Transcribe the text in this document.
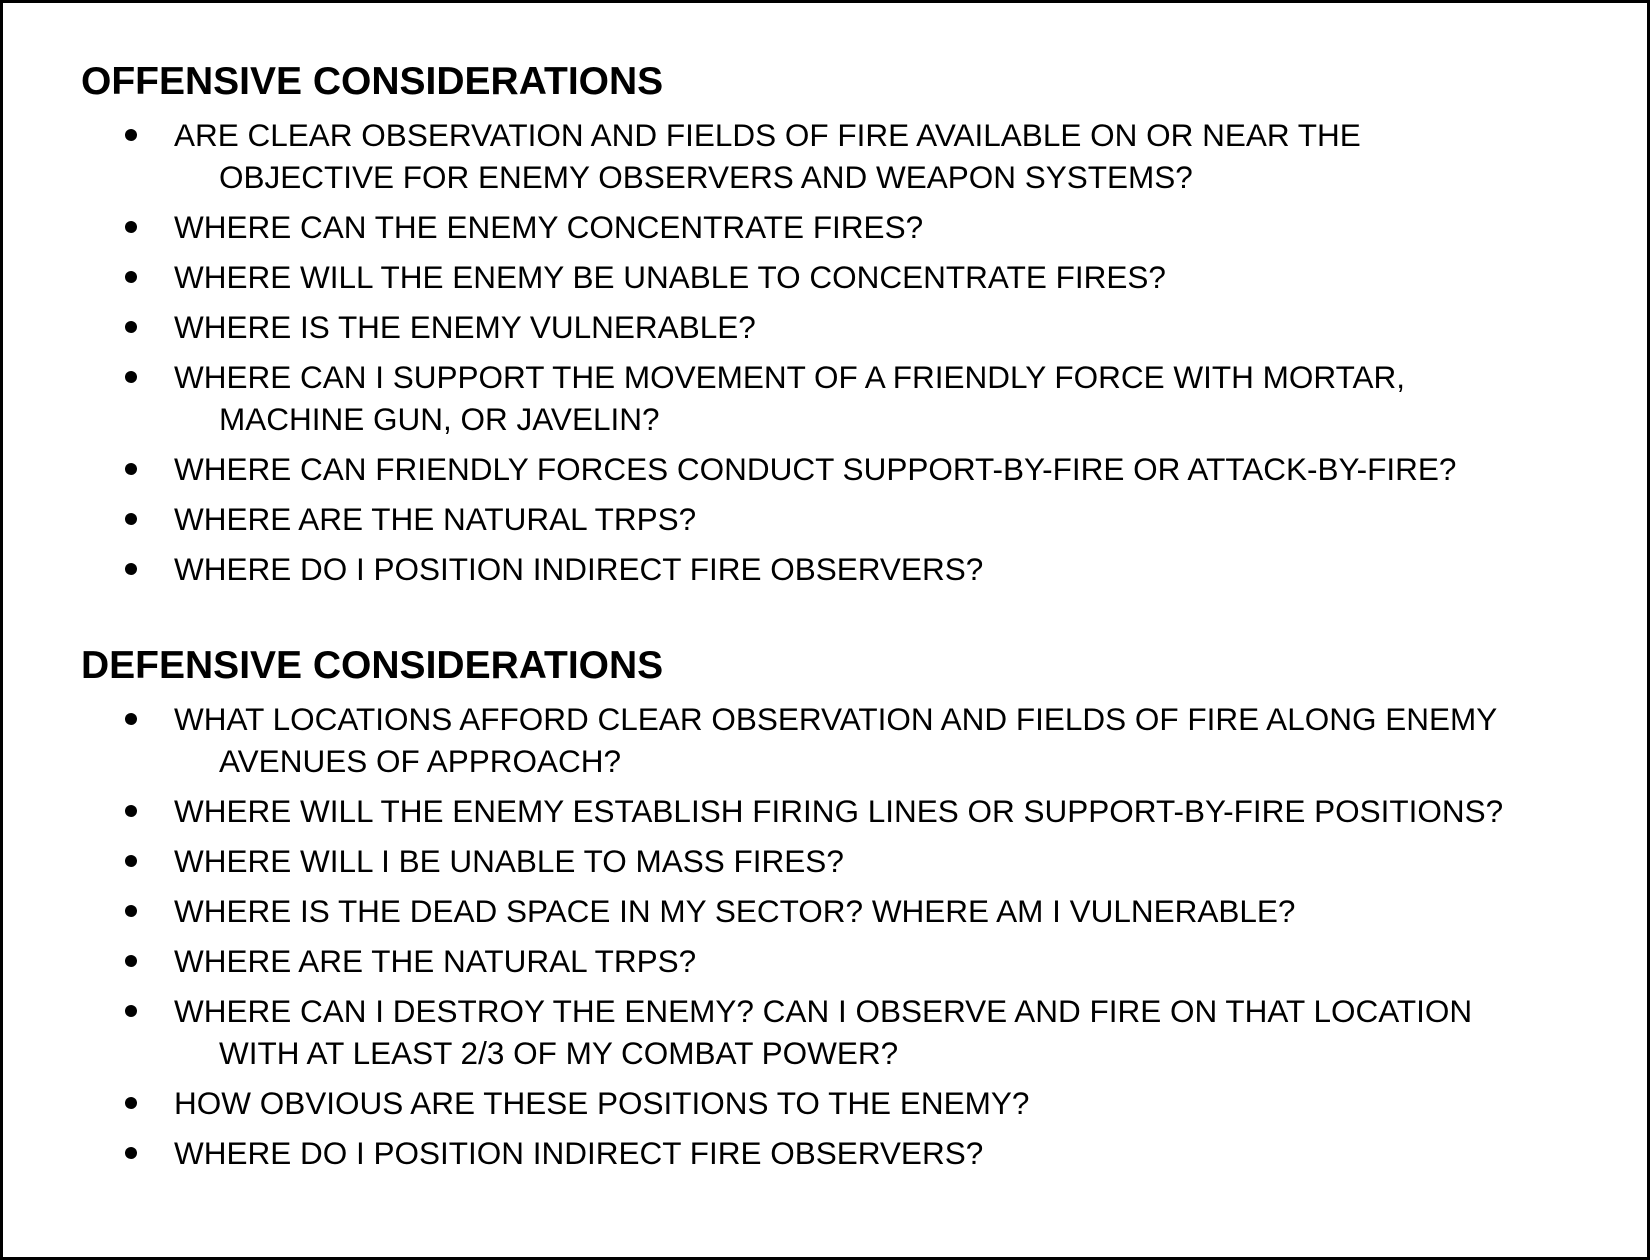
OFFENSIVE CONSIDERATIONS
ARE CLEAR OBSERVATION AND FIELDS OF FIRE AVAILABLE ON OR NEAR THE
OBJECTIVE FOR ENEMY OBSERVERS AND WEAPON SYSTEMS?
WHERE CAN THE ENEMY CONCENTRATE FIRES?
WHERE WILL THE ENEMY BE UNABLE TO CONCENTRATE FIRES?
WHERE IS THE ENEMY VULNERABLE?
WHERE CAN I SUPPORT THE MOVEMENT OF A FRIENDLY FORCE WITH MORTAR,
MACHINE GUN, OR JAVELIN?
WHERE CAN FRIENDLY FORCES CONDUCT SUPPORT-BY-FIRE OR ATTACK-BY-FIRE?
WHERE ARE THE NATURAL TRPS?
WHERE DO I POSITION INDIRECT FIRE OBSERVERS?
DEFENSIVE CONSIDERATIONS
WHAT LOCATIONS AFFORD CLEAR OBSERVATION AND FIELDS OF FIRE ALONG ENEMY
AVENUES OF APPROACH?
WHERE WILL THE ENEMY ESTABLISH FIRING LINES OR SUPPORT-BY-FIRE POSITIONS?
WHERE WILL I BE UNABLE TO MASS FIRES?
WHERE IS THE DEAD SPACE IN MY SECTOR? WHERE AM I VULNERABLE?
WHERE ARE THE NATURAL TRPS?
WHERE CAN I DESTROY THE ENEMY? CAN I OBSERVE AND FIRE ON THAT LOCATION
WITH AT LEAST 2/3 OF MY COMBAT POWER?
HOW OBVIOUS ARE THESE POSITIONS TO THE ENEMY?
WHERE DO I POSITION INDIRECT FIRE OBSERVERS?
